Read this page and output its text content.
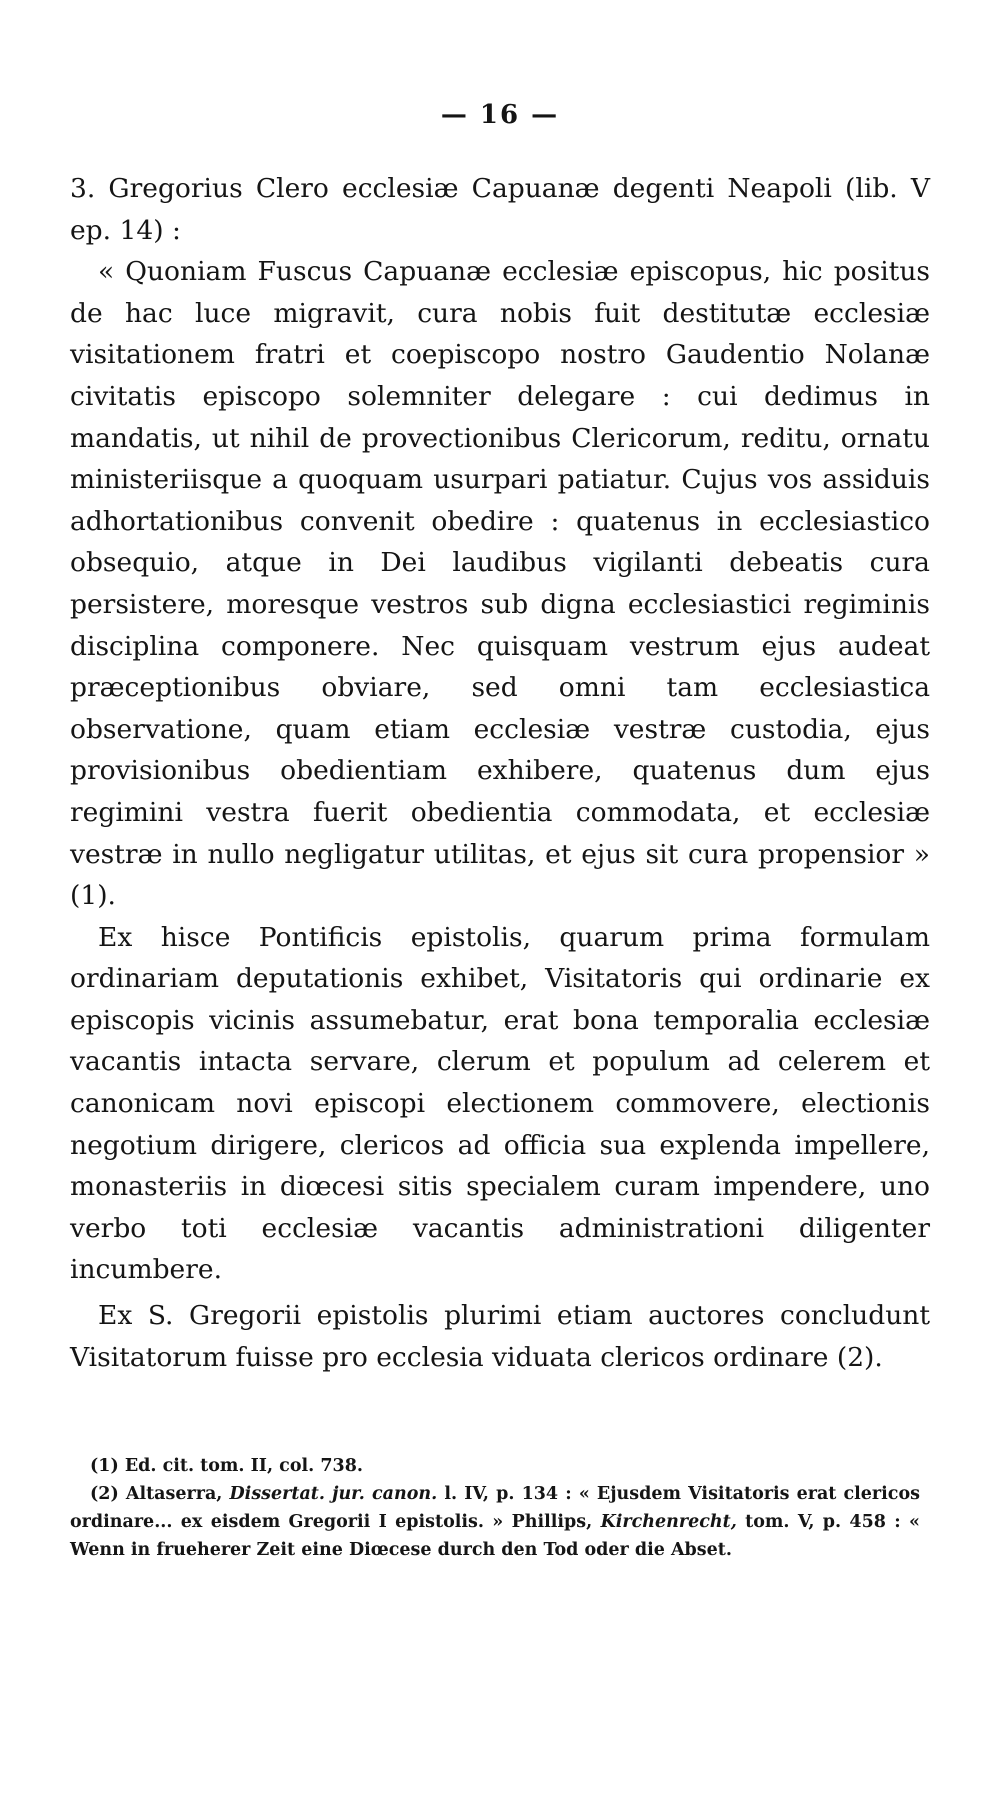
— 16 —

3. Gregorius Clero ecclesiæ Capuanæ degenti Neapoli (lib. V ep. 14) :

« Quoniam Fuscus Capuanæ ecclesiæ episcopus, hic positus de hac luce migravit, cura nobis fuit destitutæ ecclesiæ visitationem fratri et coepiscopo nostro Gaudentio Nolanæ civitatis episcopo solemniter delegare : cui dedimus in mandatis, ut nihil de provectionibus Clericorum, reditu, ornatu ministeriisque a quoquam usurpari patiatur. Cujus vos assiduis adhortationibus convenit obedire : quatenus in ecclesiastico obsequio, atque in Dei laudibus vigilanti debeatis cura persistere, moresque vestros sub digna ecclesiastici regiminis disciplina componere. Nec quisquam vestrum ejus audeat præceptionibus obviare, sed omni tam ecclesiastica observatione, quam etiam ecclesiæ vestræ custodia, ejus provisionibus obedientiam exhibere, quatenus dum ejus regimini vestra fuerit obedientia commodata, et ecclesiæ vestræ in nullo negligatur utilitas, et ejus sit cura propensior » (1).

Ex hisce Pontificis epistolis, quarum prima formulam ordinariam deputationis exhibet, Visitatoris qui ordinarie ex episcopis vicinis assumebatur, erat bona temporalia ecclesiæ vacantis intacta servare, clerum et populum ad celerem et canonicam novi episcopi electionem commovere, electionis negotium dirigere, clericos ad officia sua explenda impellere, monasteriis in diœcesi sitis specialem curam impendere, uno verbo toti ecclesiæ vacantis administrationi diligenter incumbere.

Ex S. Gregorii epistolis plurimi etiam auctores concludunt Visitatorum fuisse pro ecclesia viduata clericos ordinare (2).

(1) Ed. cit. tom. II, col. 738.

(2) Altaserra, Dissertat. jur. canon. l. IV, p. 134 : « Ejusdem Visitatoris erat clericos ordinare... ex eisdem Gregorii I epistolis. » Phillips, Kirchenrecht, tom. V, p. 458 : « Wenn in frueherer Zeit eine Diœcese durch den Tod oder die Abset.
